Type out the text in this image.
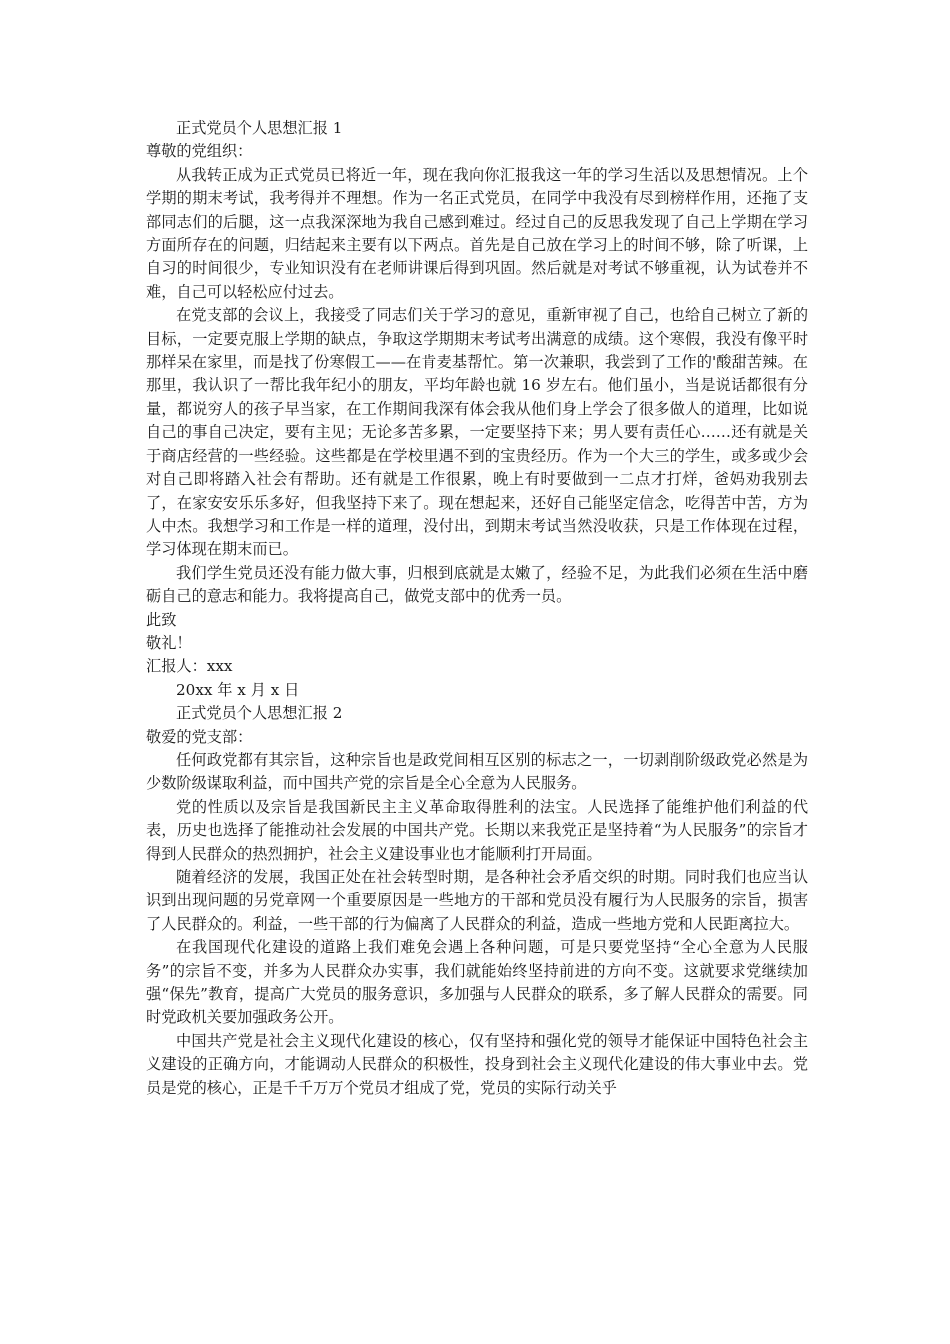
正式党员个人思想汇报 1

尊敬的党组织：

从我转正成为正式党员已将近一年，现在我向你汇报我这一年的学习生活以及思想情况。上个学期的期末考试，我考得并不理想。作为一名正式党员，在同学中我没有尽到榜样作用，还拖了支部同志们的后腿，这一点我深深地为我自己感到难过。经过自己的反思我发现了自己上学期在学习方面所存在的问题，归结起来主要有以下两点。首先是自己放在学习上的时间不够，除了听课，上自习的时间很少，专业知识没有在老师讲课后得到巩固。然后就是对考试不够重视，认为试卷并不难，自己可以轻松应付过去。

在党支部的会议上，我接受了同志们关于学习的意见，重新审视了自己，也给自己树立了新的目标，一定要克服上学期的缺点，争取这学期期末考试考出满意的成绩。这个寒假，我没有像平时那样呆在家里，而是找了份寒假工——在肯麦基帮忙。第一次兼职，我尝到了工作的'酸甜苦辣。在那里，我认识了一帮比我年纪小的朋友，平均年龄也就 16 岁左右。他们虽小，当是说话都很有分量，都说穷人的孩子早当家，在工作期间我深有体会我从他们身上学会了很多做人的道理，比如说自己的事自己决定，要有主见；无论多苦多累，一定要坚持下来；男人要有责任心……还有就是关于商店经营的一些经验。这些都是在学校里遇不到的宝贵经历。作为一个大三的学生，或多或少会对自己即将踏入社会有帮助。还有就是工作很累，晚上有时要做到一二点才打烊，爸妈劝我别去了，在家安安乐乐多好，但我坚持下来了。现在想起来，还好自己能坚定信念，吃得苦中苦，方为人中杰。我想学习和工作是一样的道理，没付出，到期末考试当然没收获，只是工作体现在过程，学习体现在期末而已。

我们学生党员还没有能力做大事，归根到底就是太嫩了，经验不足，为此我们必须在生活中磨砺自己的意志和能力。我将提高自己，做党支部中的优秀一员。

此致

敬礼！

汇报人：xxx

20xx 年 x 月 x 日

正式党员个人思想汇报 2

敬爱的党支部：

任何政党都有其宗旨，这种宗旨也是政党间相互区别的标志之一，一切剥削阶级政党必然是为少数阶级谋取利益，而中国共产党的宗旨是全心全意为人民服务。

党的性质以及宗旨是我国新民主主义革命取得胜利的法宝。人民选择了能维护他们利益的代表，历史也选择了能推动社会发展的中国共产党。长期以来我党正是坚持着“为人民服务”的宗旨才得到人民群众的热烈拥护，社会主义建设事业也才能顺利打开局面。

随着经济的发展，我国正处在社会转型时期，是各种社会矛盾交织的时期。同时我们也应当认识到出现问题的另党章网一个重要原因是一些地方的干部和党员没有履行为人民服务的宗旨，损害了人民群众的。利益，一些干部的行为偏离了人民群众的利益，造成一些地方党和人民距离拉大。

在我国现代化建设的道路上我们难免会遇上各种问题，可是只要党坚持“全心全意为人民服务”的宗旨不变，并多为人民群众办实事，我们就能始终坚持前进的方向不变。这就要求党继续加强“保先”教育，提高广大党员的服务意识，多加强与人民群众的联系，多了解人民群众的需要。同时党政机关要加强政务公开。

中国共产党是社会主义现代化建设的核心，仅有坚持和强化党的领导才能保证中国特色社会主义建设的正确方向，才能调动人民群众的积极性，投身到社会主义现代化建设的伟大事业中去。党员是党的核心，正是千千万万个党员才组成了党，党员的实际行动关乎
